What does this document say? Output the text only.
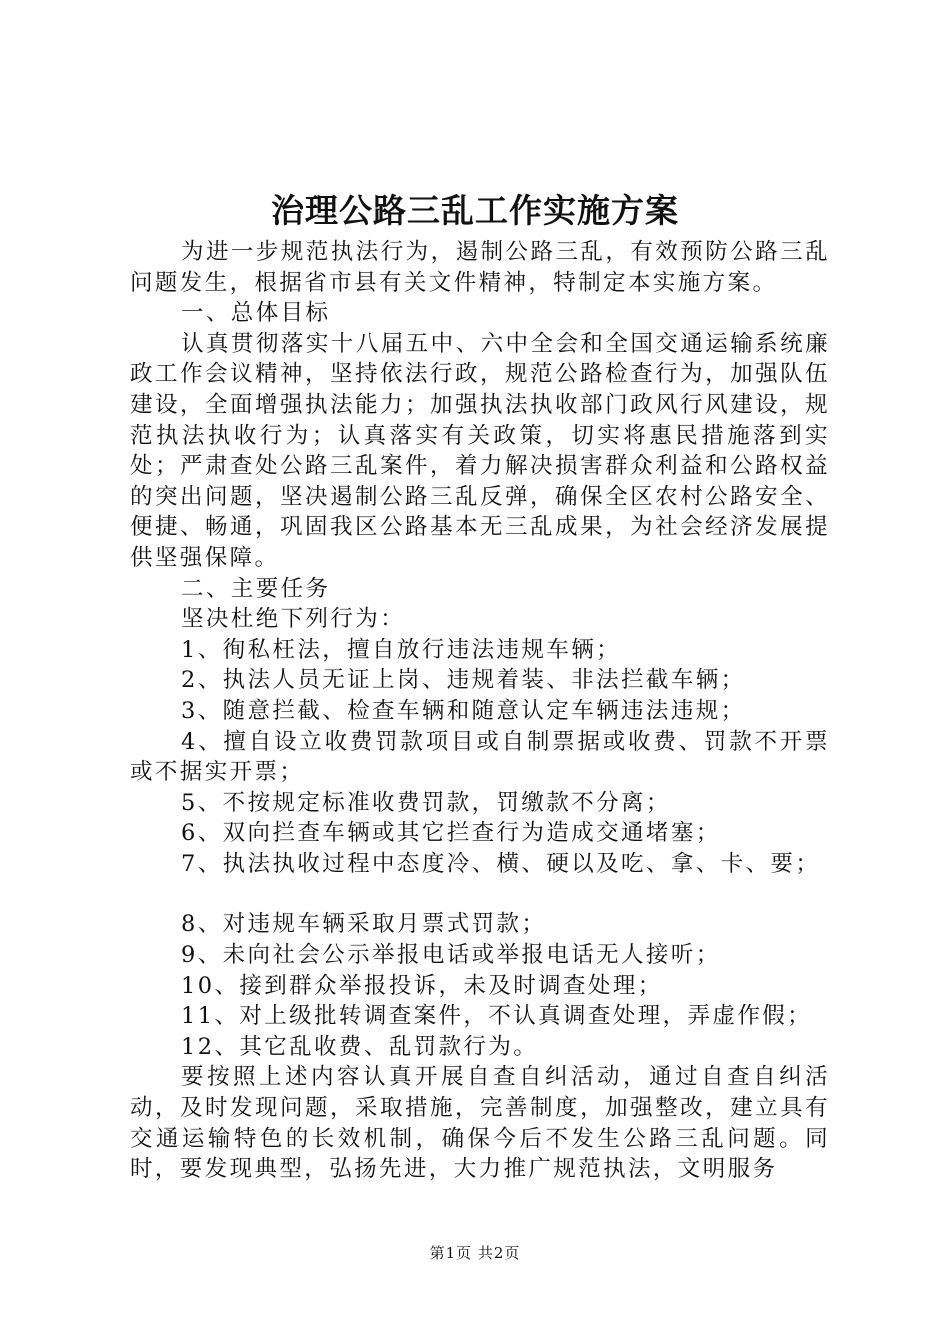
治理公路三乱工作实施方案

为进一步规范执法行为，遏制公路三乱，有效预防公路三乱问题发生，根据省市县有关文件精神，特制定本实施方案。

一、总体目标

认真贯彻落实十八届五中、六中全会和全国交通运输系统廉政工作会议精神，坚持依法行政，规范公路检查行为，加强队伍建设，全面增强执法能力；加强执法执收部门政风行风建设，规范执法执收行为；认真落实有关政策，切实将惠民措施落到实处；严肃查处公路三乱案件，着力解决损害群众利益和公路权益的突出问题，坚决遏制公路三乱反弹，确保全区农村公路安全、便捷、畅通，巩固我区公路基本无三乱成果，为社会经济发展提供坚强保障。

二、主要任务

坚决杜绝下列行为：

1、徇私枉法，擅自放行违法违规车辆；

2、执法人员无证上岗、违规着装、非法拦截车辆；

3、随意拦截、检查车辆和随意认定车辆违法违规；

4、擅自设立收费罚款项目或自制票据或收费、罚款不开票或不据实开票；

5、不按规定标准收费罚款，罚缴款不分离；

6、双向拦查车辆或其它拦查行为造成交通堵塞；

7、执法执收过程中态度冷、横、硬以及吃、拿、卡、要；

8、对违规车辆采取月票式罚款；

9、未向社会公示举报电话或举报电话无人接听；

10、接到群众举报投诉，未及时调查处理；

11、对上级批转调查案件，不认真调查处理，弄虚作假；

12、其它乱收费、乱罚款行为。

要按照上述内容认真开展自查自纠活动，通过自查自纠活动，及时发现问题，采取措施，完善制度，加强整改，建立具有交通运输特色的长效机制，确保今后不发生公路三乱问题。同时，要发现典型，弘扬先进，大力推广规范执法，文明服务

第1页 共2页
